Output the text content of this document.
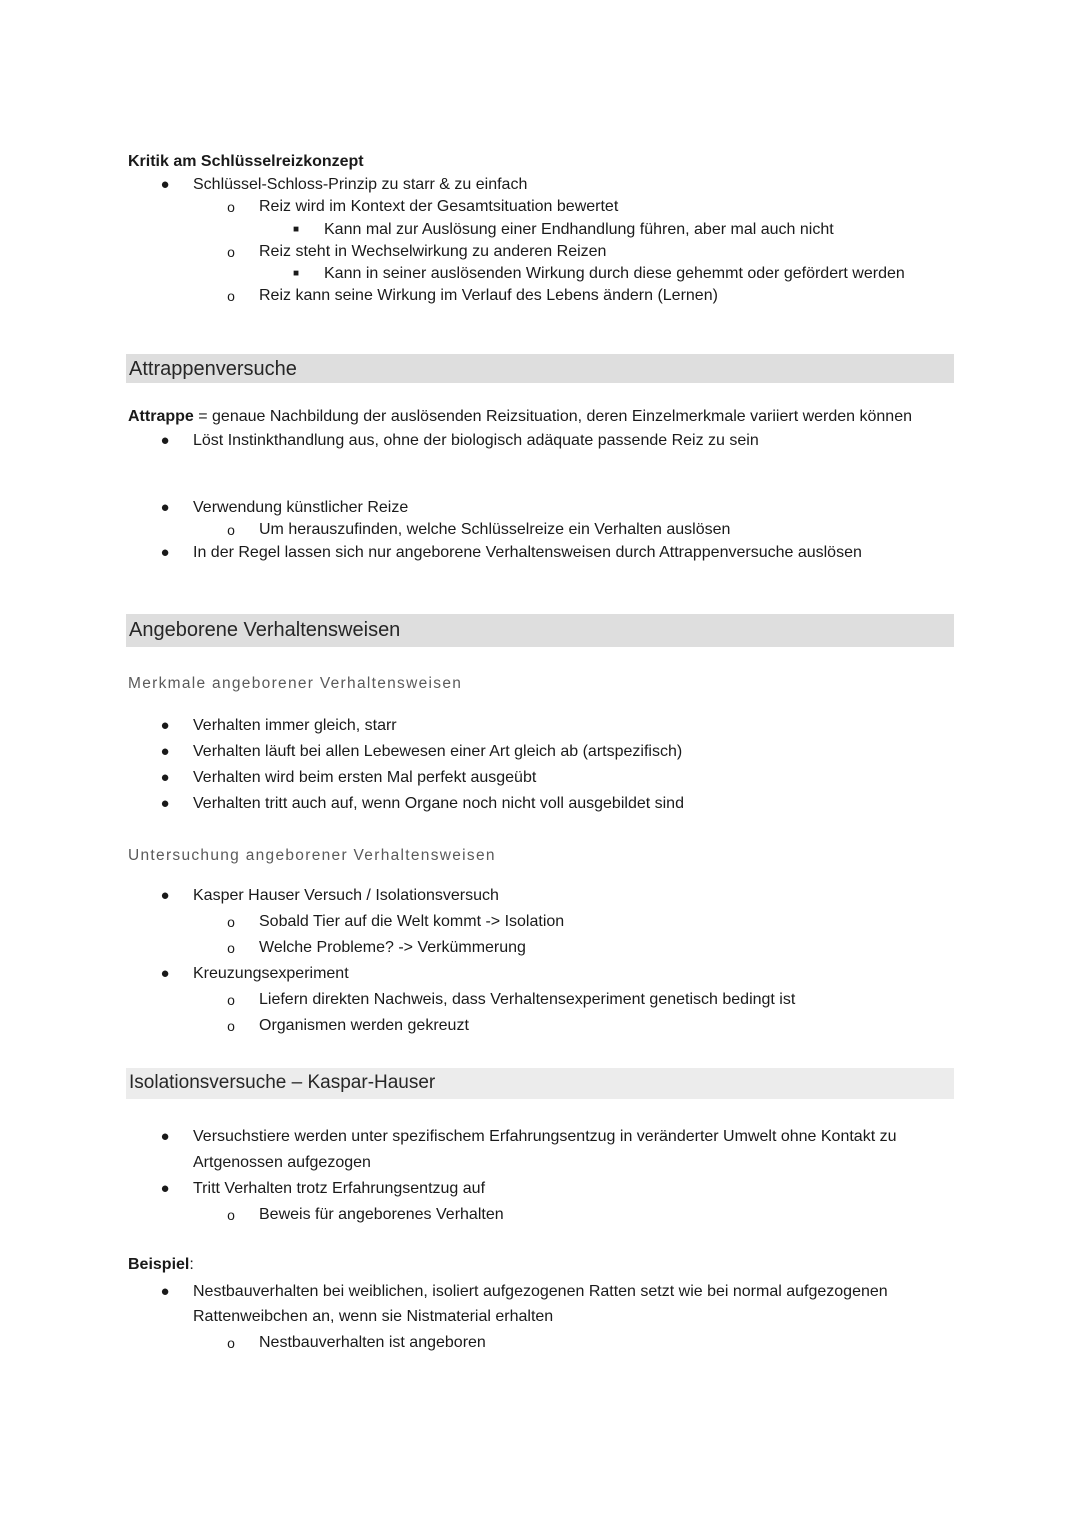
Kritik am Schlüsselreizkonzept
● Schlüssel-Schloss-Prinzip zu starr & zu einfach
o Reiz wird im Kontext der Gesamtsituation bewertet
■ Kann mal zur Auslösung einer Endhandlung führen, aber mal auch nicht
o Reiz steht in Wechselwirkung zu anderen Reizen
■ Kann in seiner auslösenden Wirkung durch diese gehemmt oder gefördert werden
o Reiz kann seine Wirkung im Verlauf des Lebens ändern (Lernen)
Attrappenversuche
Attrappe = genaue Nachbildung der auslösenden Reizsituation, deren Einzelmerkmale variiert werden können
● Löst Instinkthandlung aus, ohne der biologisch adäquate passende Reiz zu sein
● Verwendung künstlicher Reize
o Um herauszufinden, welche Schlüsselreize ein Verhalten auslösen
● In der Regel lassen sich nur angeborene Verhaltensweisen durch Attrappenversuche auslösen
Angeborene Verhaltensweisen
Merkmale angeborener Verhaltensweisen
● Verhalten immer gleich, starr
● Verhalten läuft bei allen Lebewesen einer Art gleich ab (artspezifisch)
● Verhalten wird beim ersten Mal perfekt ausgeübt
● Verhalten tritt auch auf, wenn Organe noch nicht voll ausgebildet sind
Untersuchung angeborener Verhaltensweisen
● Kasper Hauser Versuch / Isolationsversuch
o Sobald Tier auf die Welt kommt -> Isolation
o Welche Probleme? -> Verkümmerung
● Kreuzungsexperiment
o Liefern direkten Nachweis, dass Verhaltensexperiment genetisch bedingt ist
o Organismen werden gekreuzt
Isolationsversuche – Kaspar-Hauser
● Versuchstiere werden unter spezifischem Erfahrungsentzug in veränderter Umwelt ohne Kontakt zu
Artgenossen aufgezogen
● Tritt Verhalten trotz Erfahrungsentzug auf
o Beweis für angeborenes Verhalten
Beispiel:
● Nestbauverhalten bei weiblichen, isoliert aufgezogenen Ratten setzt wie bei normal aufgezogenen
Rattenweibchen an, wenn sie Nistmaterial erhalten
o Nestbauverhalten ist angeboren
